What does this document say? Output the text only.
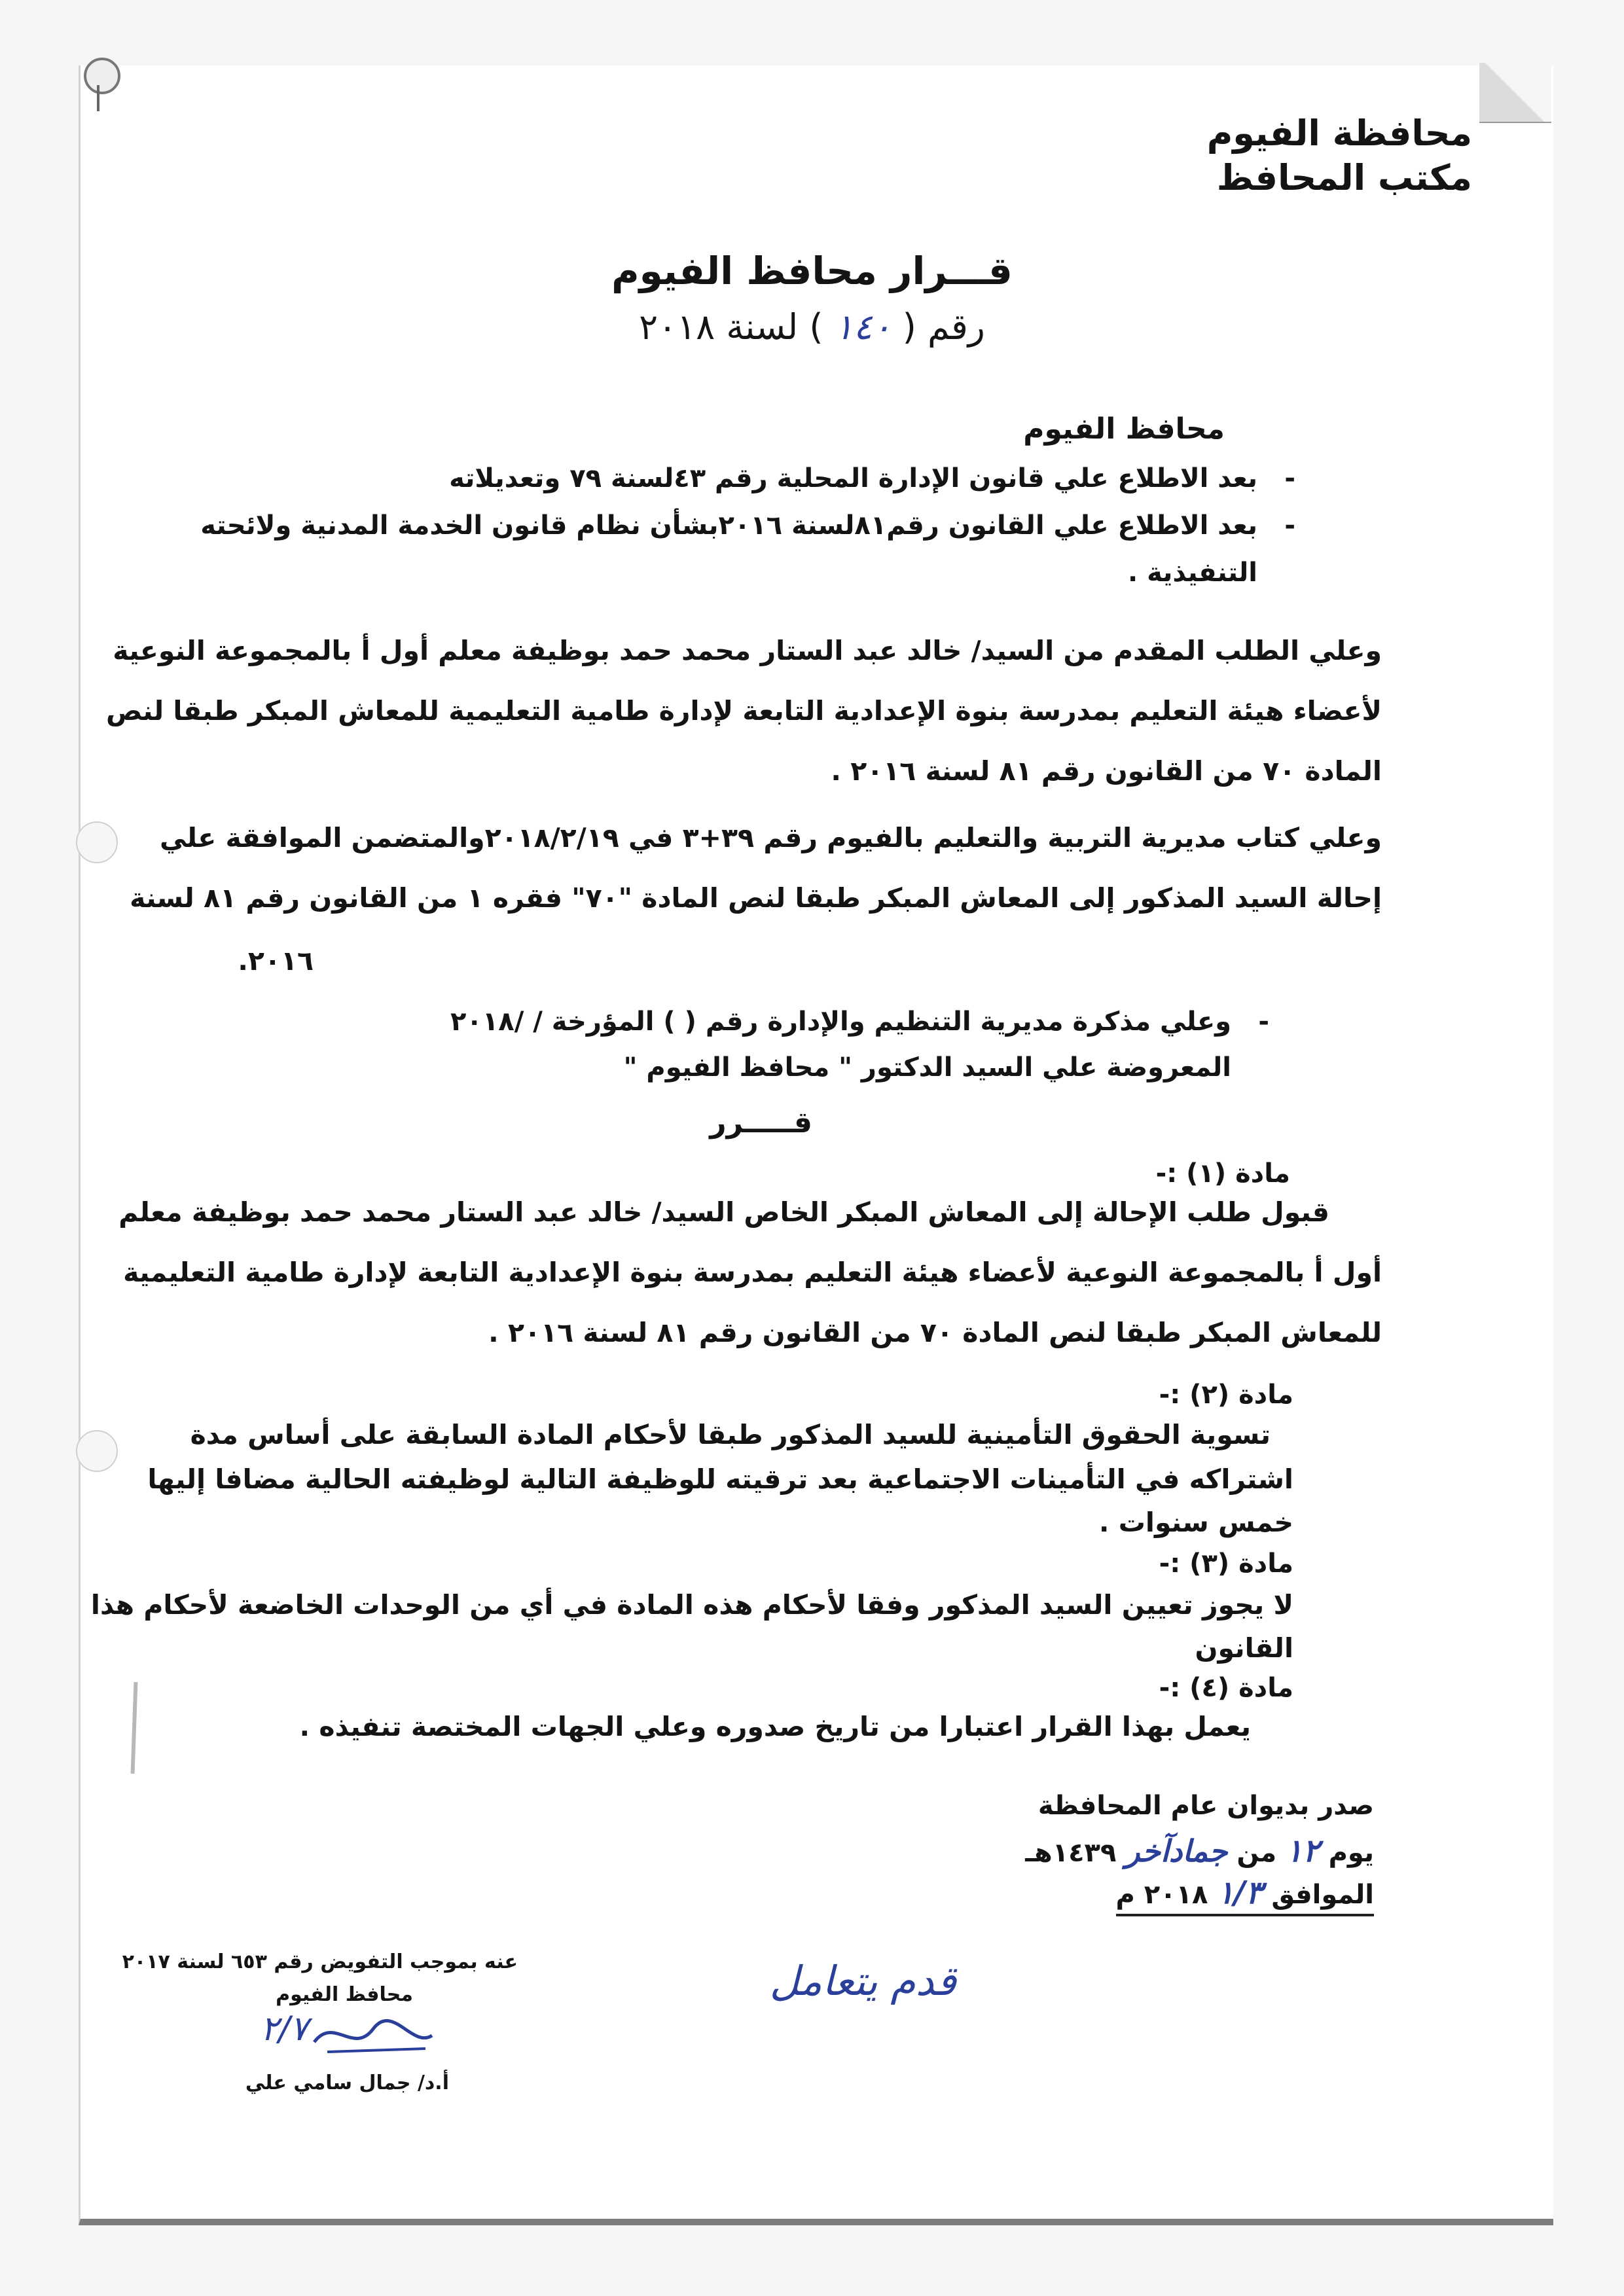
محافظة الفيوم
مكتب المحافظ
قـــرار محافظ الفيوم
رقم ( ١٤٠ ) لسنة ٢٠١٨
محافظ الفيوم
- بعد الاطلاع علي قانون الإدارة المحلية رقم ٤٣لسنة ٧٩ وتعديلاته
- بعد الاطلاع علي القانون رقم٨١لسنة ٢٠١٦بشأن نظام قانون الخدمة المدنية ولائحته
التنفيذية .
وعلي الطلب المقدم من السيد/ خالد عبد الستار محمد حمد بوظيفة معلم أول أ بالمجموعة النوعية
لأعضاء هيئة التعليم بمدرسة بنوة الإعدادية التابعة لإدارة طامية التعليمية للمعاش المبكر طبقا لنص
المادة ٧٠ من القانون رقم ٨١ لسنة ٢٠١٦ .
وعلي كتاب مديرية التربية والتعليم بالفيوم رقم ٣٩+٣ في ٢٠١٨/٢/١٩والمتضمن الموافقة علي
إحالة السيد المذكور إلى المعاش المبكر طبقا لنص المادة "٧٠" فقره ١ من القانون رقم ٨١ لسنة
٢٠١٦.
- وعلي مذكرة مديرية التنظيم والإدارة رقم ( ) المؤرخة / /٢٠١٨
المعروضة علي السيد الدكتور " محافظ الفيوم "
قـــــرر
مادة (١) :-
قبول طلب الإحالة إلى المعاش المبكر الخاص السيد/ خالد عبد الستار محمد حمد بوظيفة معلم
أول أ بالمجموعة النوعية لأعضاء هيئة التعليم بمدرسة بنوة الإعدادية التابعة لإدارة طامية التعليمية
للمعاش المبكر طبقا لنص المادة ٧٠ من القانون رقم ٨١ لسنة ٢٠١٦ .
مادة (٢) :-
تسوية الحقوق التأمينية للسيد المذكور طبقا لأحكام المادة السابقة على أساس مدة
اشتراكه في التأمينات الاجتماعية بعد ترقيته للوظيفة التالية لوظيفته الحالية مضافا إليها
خمس سنوات .
مادة (٣) :-
لا يجوز تعيين السيد المذكور وفقا لأحكام هذه المادة في أي من الوحدات الخاضعة لأحكام هذا
القانون
مادة (٤) :-
يعمل بهذا القرار اعتبارا من تاريخ صدوره وعلي الجهات المختصة تنفيذه .
صدر بديوان عام المحافظة
يوم ١٢ من جمادآخر ١٤٣٩هـ
الموافق ١/٣ ٢٠١٨ م
قدم يتعامل
عنه بموجب التفويض رقم ٦٥٣ لسنة ٢٠١٧
محافظ الفيوم
٢/٧
أ.د/ جمال سامي علي
